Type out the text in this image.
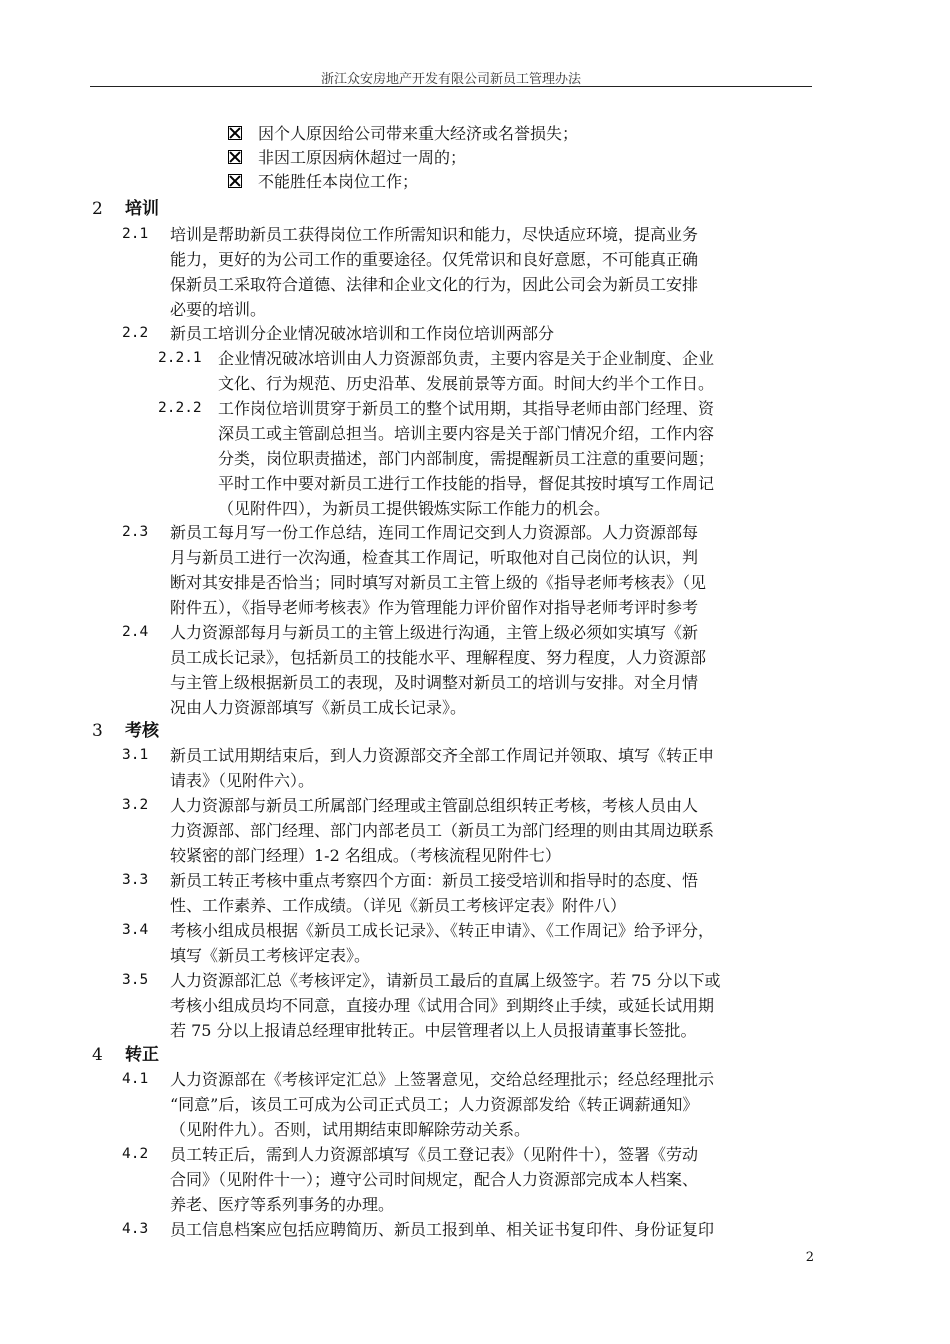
浙江众安房地产开发有限公司新员工管理办法
因个人原因给公司带来重大经济或名誉损失；
非因工原因病休超过一周的；
不能胜任本岗位工作；
2 培训
2.1 培训是帮助新员工获得岗位工作所需知识和能力，尽快适应环境，提高业务
能力，更好的为公司工作的重要途径。仅凭常识和良好意愿，不可能真正确
保新员工采取符合道德、法律和企业文化的行为，因此公司会为新员工安排
必要的培训。
2.2 新员工培训分企业情况破冰培训和工作岗位培训两部分
2.2.1 企业情况破冰培训由人力资源部负责，主要内容是关于企业制度、企业
文化、行为规范、历史沿革、发展前景等方面。时间大约半个工作日。
2.2.2 工作岗位培训贯穿于新员工的整个试用期，其指导老师由部门经理、资
深员工或主管副总担当。培训主要内容是关于部门情况介绍，工作内容
分类，岗位职责描述，部门内部制度，需提醒新员工注意的重要问题；
平时工作中要对新员工进行工作技能的指导，督促其按时填写工作周记
（见附件四），为新员工提供锻炼实际工作能力的机会。
2.3 新员工每月写一份工作总结，连同工作周记交到人力资源部。人力资源部每
月与新员工进行一次沟通，检查其工作周记，听取他对自己岗位的认识，判
断对其安排是否恰当；同时填写对新员工主管上级的《指导老师考核表》（见
附件五），《指导老师考核表》作为管理能力评价留作对指导老师考评时参考
2.4 人力资源部每月与新员工的主管上级进行沟通，主管上级必须如实填写《新
员工成长记录》，包括新员工的技能水平、理解程度、努力程度，人力资源部
与主管上级根据新员工的表现，及时调整对新员工的培训与安排。对全月情
况由人力资源部填写《新员工成长记录》。
3 考核
3.1 新员工试用期结束后，到人力资源部交齐全部工作周记并领取、填写《转正申
请表》（见附件六）。
3.2 人力资源部与新员工所属部门经理或主管副总组织转正考核，考核人员由人
力资源部、部门经理、部门内部老员工（新员工为部门经理的则由其周边联系
较紧密的部门经理）1-2 名组成。（考核流程见附件七）
3.3 新员工转正考核中重点考察四个方面：新员工接受培训和指导时的态度、悟
性、工作素养、工作成绩。（详见《新员工考核评定表》附件八）
3.4 考核小组成员根据《新员工成长记录》、《转正申请》、《工作周记》给予评分，
填写《新员工考核评定表》。
3.5 人力资源部汇总《考核评定》，请新员工最后的直属上级签字。若 75 分以下或
考核小组成员均不同意，直接办理《试用合同》到期终止手续，或延长试用期
若 75 分以上报请总经理审批转正。中层管理者以上人员报请董事长签批。
4 转正
4.1 人力资源部在《考核评定汇总》上签署意见，交给总经理批示；经总经理批示
“同意”后，该员工可成为公司正式员工；人力资源部发给《转正调薪通知》
（见附件九）。否则，试用期结束即解除劳动关系。
4.2 员工转正后，需到人力资源部填写《员工登记表》（见附件十），签署《劳动
合同》（见附件十一）；遵守公司时间规定，配合人力资源部完成本人档案、
养老、医疗等系列事务的办理。
4.3 员工信息档案应包括应聘简历、新员工报到单、相关证书复印件、身份证复印
2
